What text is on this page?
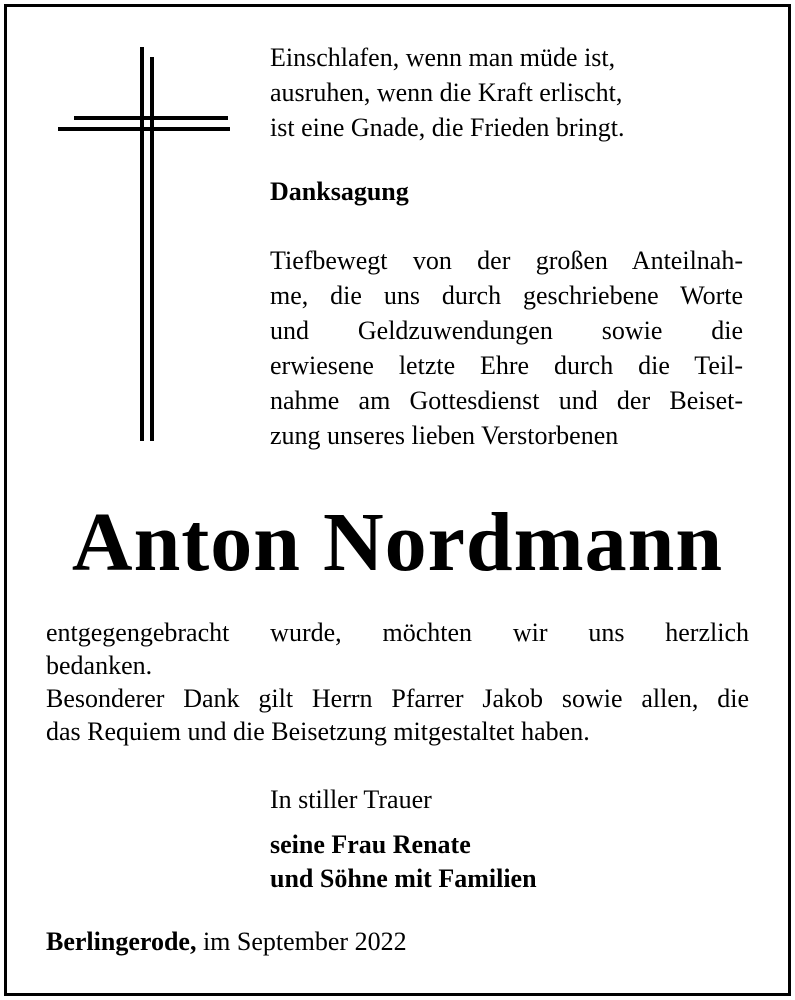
Einschlafen, wenn man müde ist,
ausruhen, wenn die Kraft erlischt,
ist eine Gnade, die Frieden bringt.
Danksagung
Tiefbewegt von der großen Anteilnah-
me, die uns durch geschriebene Worte
und Geldzuwendungen sowie die
erwiesene letzte Ehre durch die Teil-
nahme am Gottesdienst und der Beiset-
zung unseres lieben Verstorbenen
Anton Nordmann
entgegengebracht wurde, möchten wir uns herzlich
bedanken.
Besonderer Dank gilt Herrn Pfarrer Jakob sowie allen, die
das Requiem und die Beisetzung mitgestaltet haben.
In stiller Trauer
seine Frau Renate
und Söhne mit Familien
Berlingerode, im September 2022
